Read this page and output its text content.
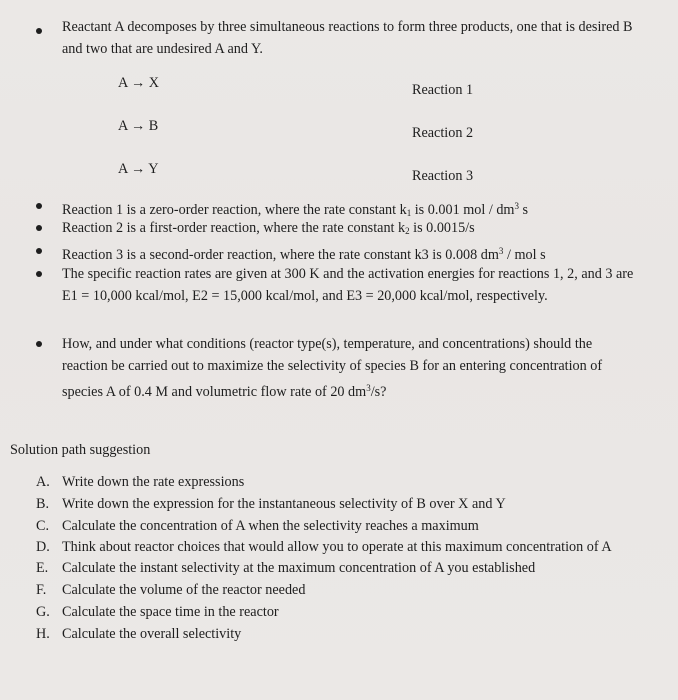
Reactant A decomposes by three simultaneous reactions to form three products, one that is desired B
and two that are undesired A and Y.
A → X	Reaction 1
A → B	Reaction 2
A → Y	Reaction 3
Reaction 1 is a zero-order reaction, where the rate constant $k_1$ is 0.001 mol / $dm^3$ s
Reaction 2 is a first-order reaction, where the rate constant $k_2$ is 0.0015/s
Reaction 3 is a second-order reaction, where the rate constant k3 is 0.008 $dm^3$ / mol s
The specific reaction rates are given at 300 K and the activation energies for reactions 1, 2, and 3 are
E1 = 10,000 kcal/mol, E2 = 15,000 kcal/mol, and E3 = 20,000 kcal/mol, respectively.
How, and under what conditions (reactor type(s), temperature, and concentrations) should the
reaction be carried out to maximize the selectivity of species B for an entering concentration of
species A of 0.4 M and volumetric flow rate of 20 $dm^3/s$?
Solution path suggestion
A. Write down the rate expressions
B. Write down the expression for the instantaneous selectivity of B over X and Y
C. Calculate the concentration of A when the selectivity reaches a maximum
D. Think about reactor choices that would allow you to operate at this maximum concentration of A
E. Calculate the instant selectivity at the maximum concentration of A you established
F. Calculate the volume of the reactor needed
G. Calculate the space time in the reactor
H. Calculate the overall selectivity
